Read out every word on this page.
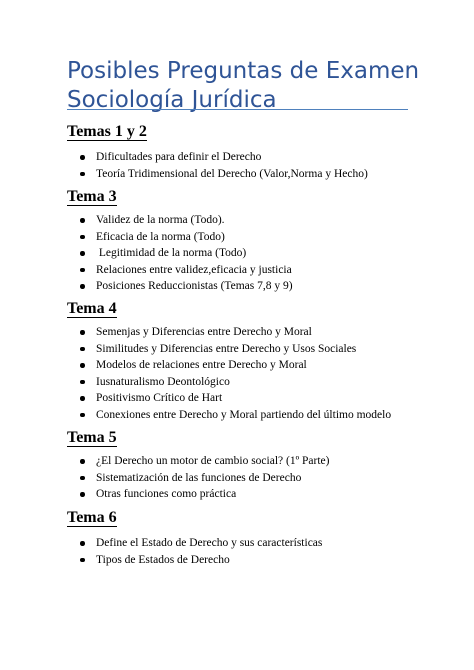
Posibles Preguntas de Examen
Sociología Jurídica
Temas 1 y 2
Dificultades para definir el Derecho
Teoría Tridimensional del Derecho (Valor,Norma y Hecho)
Tema 3
Validez de la norma (Todo).
Eficacia de la norma (Todo)
Legitimidad de la norma (Todo)
Relaciones entre validez,eficacia y justicia
Posiciones Reduccionistas (Temas 7,8 y 9)
Tema 4
Semenjas y Diferencias entre Derecho y Moral
Similitudes y Diferencias entre Derecho y Usos Sociales
Modelos de relaciones entre Derecho y Moral
Iusnaturalismo Deontológico
Positivismo Crítico de Hart
Conexiones entre Derecho y Moral partiendo del último modelo
Tema 5
¿El Derecho un motor de cambio social? (1º Parte)
Sistematización de las funciones de Derecho
Otras funciones como práctica
Tema 6
Define el Estado de Derecho y sus características
Tipos de Estados de Derecho
